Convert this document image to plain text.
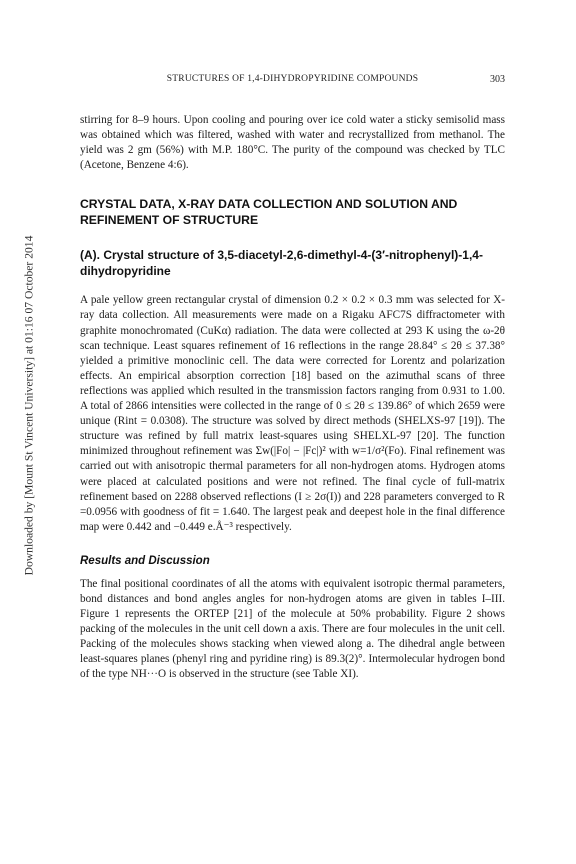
Downloaded by [Mount St Vincent University] at 01:16 07 October 2014
STRUCTURES OF 1,4-DIHYDROPYRIDINE COMPOUNDS	303

stirring for 8–9 hours. Upon cooling and pouring over ice cold water a sticky semisolid mass was obtained which was filtered, washed with water and recrystallized from methanol. The yield was 2 gm (56%) with M.P. 180°C. The purity of the compound was checked by TLC (Acetone, Benzene 4:6).

CRYSTAL DATA, X-RAY DATA COLLECTION AND SOLUTION AND REFINEMENT OF STRUCTURE
(A). Crystal structure of 3,5-diacetyl-2,6-dimethyl-4-(3′-nitrophenyl)-1,4-dihydropyridine

A pale yellow green rectangular crystal of dimension 0.2 × 0.2 × 0.3 mm was selected for X-ray data collection. All measurements were made on a Rigaku AFC7S diffractometer with graphite monochromated (CuKα) radiation. The data were collected at 293 K using the ω-2θ scan technique. Least squares refinement of 16 reflections in the range 28.84° ≤ 2θ ≤ 37.38° yielded a primitive monoclinic cell. The data were corrected for Lorentz and polarization effects. An empirical absorption correction [18] based on the azimuthal scans of three reflections was applied which resulted in the transmission factors ranging from 0.931 to 1.00. A total of 2866 intensities were collected in the range of 0 ≤ 2θ ≤ 139.86° of which 2659 were unique (Rint = 0.0308). The structure was solved by direct methods (SHELXS-97 [19]). The structure was refined by full matrix least-squares using SHELXL-97 [20]. The function minimized throughout refinement was Σw(|Fo| − |Fc|)² with w=1/σ²(Fo). Final refinement was carried out with anisotropic thermal parameters for all non-hydrogen atoms. Hydrogen atoms were placed at calculated positions and were not refined. The final cycle of full-matrix refinement based on 2288 observed reflections (I ≥ 2σ(I)) and 228 parameters converged to R =0.0956 with goodness of fit = 1.640. The largest peak and deepest hole in the final difference map were 0.442 and −0.449 e.Å⁻³ respectively.

Results and Discussion

The final positional coordinates of all the atoms with equivalent isotropic thermal parameters, bond distances and bond angles angles for non-hydrogen atoms are given in tables I–III. Figure 1 represents the ORTEP [21] of the molecule at 50% probability. Figure 2 shows packing of the molecules in the unit cell down a axis. There are four molecules in the unit cell. Packing of the molecules shows stacking when viewed along a. The dihedral angle between least-squares planes (phenyl ring and pyridine ring) is 89.3(2)°. Intermolecular hydrogen bond of the type NH···O is observed in the structure (see Table XI).
